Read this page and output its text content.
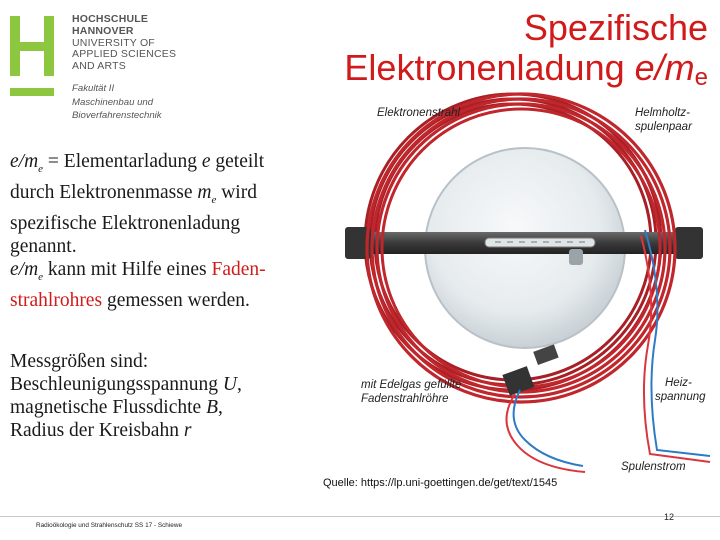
HOCHSCHULE
HANNOVER
UNIVERSITY OF
APPLIED SCIENCES
AND ARTS
Fakultät II
Maschinenbau und
Bioverfahrenstechnik
Spezifische
Elektronenladung $e/m_e$
$e/m_e$ = Elementarladung e geteilt
durch Elektronenmasse $m_e$ wird
spezifische Elektronenladung
genannt.
$e/m_e$ kann mit Hilfe eines Faden-
strahlrohres gemessen werden.
Messgrößen sind:
Beschleunigungsspannung U,
magnetische Flussdichte B,
Radius der Kreisbahn r
Elektronenstrahl	Helmholtz-
spulenpaar
mit Edelgas gefüllte
Fadenstrahlröhre
Heiz-
spannung
Spulenstrom
Quelle: https://lp.uni-goettingen.de/get/text/1545
Radioökologie und Strahlenschutz SS 17 - Schiewe
12
